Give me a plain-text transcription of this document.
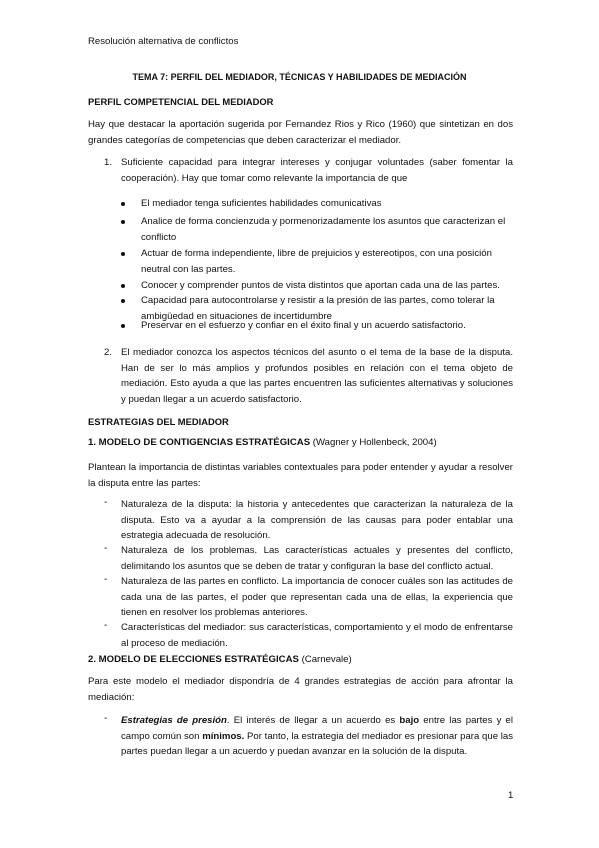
Resolución alternativa de conflictos
TEMA 7: PERFIL DEL MEDIADOR, TÉCNICAS Y HABILIDADES DE MEDIACIÓN
PERFIL COMPETENCIAL DEL MEDIADOR
Hay que destacar la aportación sugerida por Fernandez Rios y Rico (1960) que sintetizan en dos grandes categorías de competencias que deben caracterizar el mediador.
1. Suficiente capacidad para integrar intereses y conjugar voluntades (saber fomentar la cooperación). Hay que tomar como relevante la importancia de que
El mediador tenga suficientes habilidades comunicativas
Analice de forma concienzuda y pormenorizadamente los asuntos que caracterizan el conflicto
Actuar de forma independiente, libre de prejuicios y estereotipos, con una posición neutral con las partes.
Conocer y comprender puntos de vista distintos que aportan cada una de las partes.
Capacidad para autocontrolarse y resistir a la presión de las partes, como tolerar la ambigüedad en situaciones de incertidumbre
Preservar en el esfuerzo y confiar en el éxito final y un acuerdo satisfactorio.
2. El mediador conozca los aspectos técnicos del asunto o el tema de la base de la disputa. Han de ser lo más amplios y profundos posibles en relación con el tema objeto de mediación. Esto ayuda a que las partes encuentren las suficientes alternativas y soluciones y puedan llegar a un acuerdo satisfactorio.
ESTRATEGIAS DEL MEDIADOR
1. MODELO DE CONTIGENCIAS ESTRATÉGICAS (Wagner y Hollenbeck, 2004)
Plantean la importancia de distintas variables contextuales para poder entender y ayudar a resolver la disputa entre las partes:
- Naturaleza de la disputa: la historia y antecedentes que caracterizan la naturaleza de la disputa. Esto va a ayudar a la comprensión de las causas para poder entablar una estrategia adecuada de resolución.
- Naturaleza de los problemas. Las características actuales y presentes del conflicto, delimitando los asuntos que se deben de tratar y configuran la base del conflicto actual.
- Naturaleza de las partes en conflicto. La importancia de conocer cuáles son las actitudes de cada una de las partes, el poder que representan cada una de ellas, la experiencia que tienen en resolver los problemas anteriores.
- Características del mediador: sus características, comportamiento y el modo de enfrentarse al proceso de mediación.
2. MODELO DE ELECCIONES ESTRATÉGICAS (Carnevale)
Para este modelo el mediador dispondría de 4 grandes estrategias de acción para afrontar la mediación:
- Estrategias de presión. El interés de llegar a un acuerdo es bajo entre las partes y el campo común son mínimos. Por tanto, la estrategia del mediador es presionar para que las partes puedan llegar a un acuerdo y puedan avanzar en la solución de la disputa.
1
